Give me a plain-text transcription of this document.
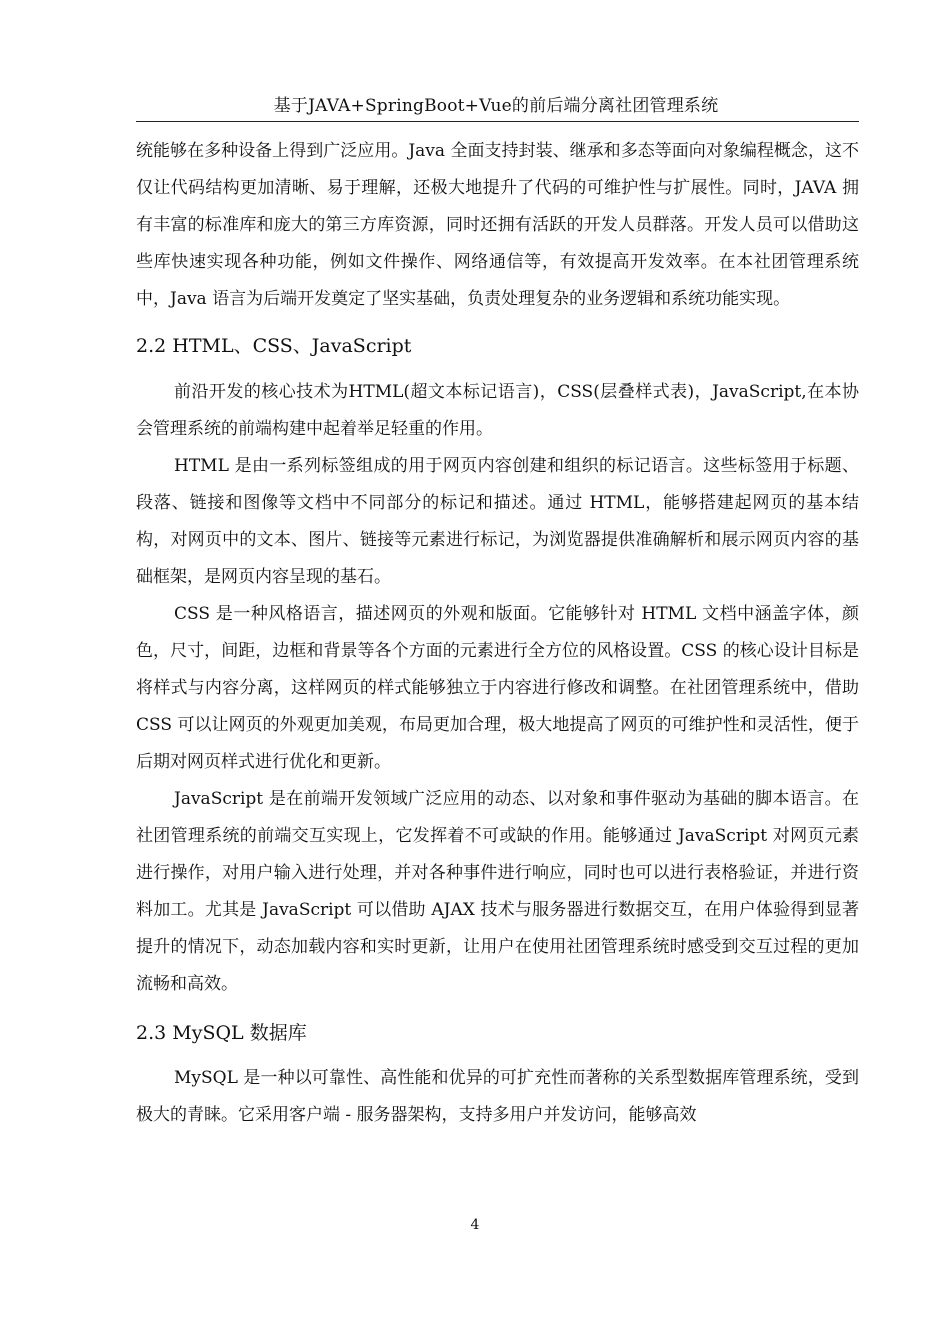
基于JAVA+SpringBoot+Vue的前后端分离社团管理系统

统能够在多种设备上得到广泛应用。Java 全面支持封装、继承和多态等面向对象编程概念，这不仅让代码结构更加清晰、易于理解，还极大地提升了代码的可维护性与扩展性。同时，JAVA 拥有丰富的标准库和庞大的第三方库资源，同时还拥有活跃的开发人员群落。开发人员可以借助这些库快速实现各种功能，例如文件操作、网络通信等，有效提高开发效率。在本社团管理系统中，Java 语言为后端开发奠定了坚实基础，负责处理复杂的业务逻辑和系统功能实现。

2.2 HTML、CSS、JavaScript

前沿开发的核心技术为HTML(超文本标记语言)，CSS(层叠样式表)，JavaScript,在本协会管理系统的前端构建中起着举足轻重的作用。

HTML 是由一系列标签组成的用于网页内容创建和组织的标记语言。这些标签用于标题、段落、链接和图像等文档中不同部分的标记和描述。通过 HTML，能够搭建起网页的基本结构，对网页中的文本、图片、链接等元素进行标记，为浏览器提供准确解析和展示网页内容的基础框架，是网页内容呈现的基石。

CSS 是一种风格语言，描述网页的外观和版面。它能够针对 HTML 文档中涵盖字体，颜色，尺寸，间距，边框和背景等各个方面的元素进行全方位的风格设置。CSS 的核心设计目标是将样式与内容分离，这样网页的样式能够独立于内容进行修改和调整。在社团管理系统中，借助 CSS 可以让网页的外观更加美观，布局更加合理，极大地提高了网页的可维护性和灵活性，便于后期对网页样式进行优化和更新。

JavaScript 是在前端开发领域广泛应用的动态、以对象和事件驱动为基础的脚本语言。在社团管理系统的前端交互实现上，它发挥着不可或缺的作用。能够通过 JavaScript 对网页元素进行操作，对用户输入进行处理，并对各种事件进行响应，同时也可以进行表格验证，并进行资料加工。尤其是 JavaScript 可以借助 AJAX 技术与服务器进行数据交互，在用户体验得到显著提升的情况下，动态加载内容和实时更新，让用户在使用社团管理系统时感受到交互过程的更加流畅和高效。

2.3 MySQL 数据库

MySQL 是一种以可靠性、高性能和优异的可扩充性而著称的关系型数据库管理系统，受到极大的青睐。它采用客户端 - 服务器架构，支持多用户并发访问，能够高效

4
